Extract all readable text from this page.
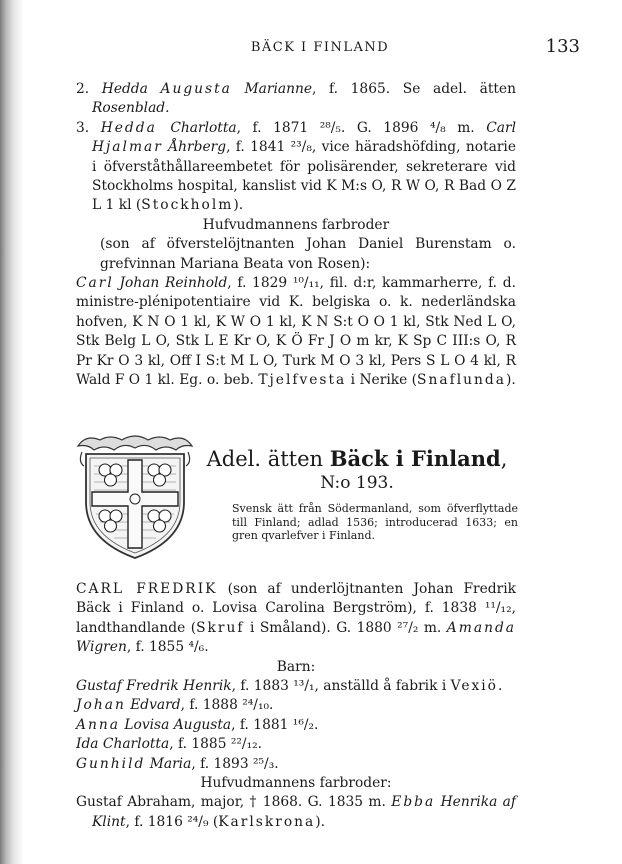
BÄCK I FINLAND	133

2. Hedda Augusta Marianne, f. 1865. Se adel. ätten Rosenblad.

3. Hedda Charlotta, f. 1871 ²⁸/₅. G. 1896 ⁴/₈ m. Carl Hjalmar Åhrberg, f. 1841 ²³/₈, vice häradshöfding, notarie i öfverståthållareembetet för polisärender, sekreterare vid Stockholms hospital, kanslist vid K M:s O, R W O, R Bad O Z L 1 kl (Stockholm).

Hufvudmannens farbroder

(son af öfverstelöjtnanten Johan Daniel Burenstam o. grefvinnan Mariana Beata von Rosen):

Carl Johan Reinhold, f. 1829 ¹⁰/₁₁, fil. d:r, kammarherre, f. d. ministre-plénipotentiaire vid K. belgiska o. k. nederländska hofven, K N O 1 kl, K W O 1 kl, K N S:t O O 1 kl, Stk Ned L O, Stk Belg L O, Stk L E Kr O, K Ö Fr J O m kr, K Sp C III:s O, R Pr Kr O 3 kl, Off I S:t M L O, Turk M O 3 kl, Pers S L O 4 kl, R Wald F O 1 kl. Eg. o. beb. Tjelfvesta i Nerike (Snaflunda).

Adel. ätten Bäck i Finland,
N:o 193.
Svensk ätt från Södermanland, som öfverflyttade till Finland; adlad 1536; introducerad 1633; en gren qvarlefver i Finland.

CARL FREDRIK (son af underlöjtnanten Johan Fredrik Bäck i Finland o. Lovisa Carolina Bergström), f. 1838 ¹¹/₁₂, landthandlande (Skruf i Småland). G. 1880 ²⁷/₂ m. Amanda Wigren, f. 1855 ⁴/₆.

Barn:

Gustaf Fredrik Henrik, f. 1883 ¹³/₁, anställd å fabrik i Vexiö.

Johan Edvard, f. 1888 ²⁴/₁₀.

Anna Lovisa Augusta, f. 1881 ¹⁶/₂.

Ida Charlotta, f. 1885 ²²/₁₂.

Gunhild Maria, f. 1893 ²⁵/₃.

Hufvudmannens farbroder:

Gustaf Abraham, major, † 1868. G. 1835 m. Ebba Henrika af Klint, f. 1816 ²⁴/₉ (Karlskrona).
